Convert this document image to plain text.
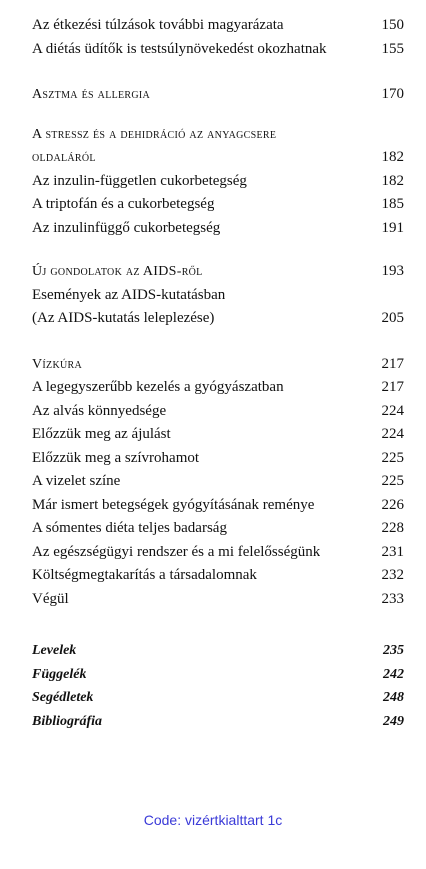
Az étkezési túlzások további magyarázata	150
A diétás üdítők is testsúlynövekedést okozhatnak	155
Asztma és allergia	170
A stressz és a dehidráció az anyagcsere
oldaláról	182
Az inzulin-független cukorbetegség	182
A triptofán és a cukorbetegség	185
Az inzulinfüggő cukorbetegség	191
Új gondolatok az AIDS-ről	193
Események az AIDS-kutatásban
(Az AIDS-kutatás leleplezése)	205
Vízkúra	217
A legegyszerűbb kezelés a gyógyászatban	217
Az alvás könnyedsége	224
Előzzük meg az ájulást	224
Előzzük meg a szívrohamot	225
A vizelet színe	225
Már ismert betegségek gyógyításának reménye	226
A sómentes diéta teljes badarság	228
Az egészségügyi rendszer és a mi felelősségünk	231
Költségmegtakarítás a társadalomnak	232
Végül	233
Levelek	235
Függelék	242
Segédletek	248
Bibliográfia	249
Code: vizértkialttart 1c
